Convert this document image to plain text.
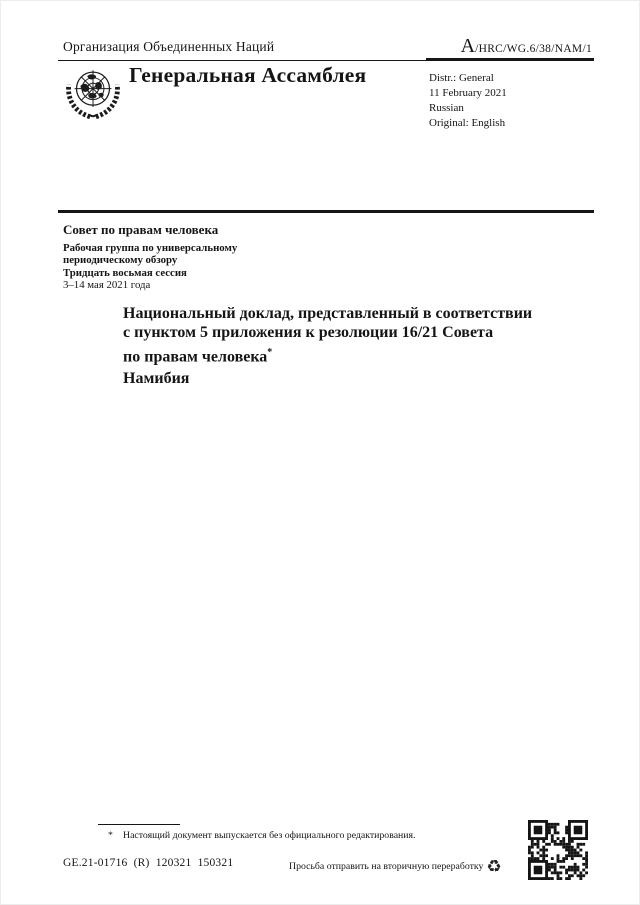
Организация Объединенных Наций	A /HRC/WG.6/38/NAM/1
Генеральная Ассамблея	Distr.: General
11 February 2021
Russian
Original: English
Совет по правам человека
Рабочая группа по универсальному
периодическому обзору
Тридцать восьмая сессия
3–14 мая 2021 года
Национальный доклад, представленный в соответствии
с пунктом 5 приложения к резолюции 16/21 Совета
по правам человека*
Намибия
*	Настоящий документ выпускается без официального редактирования.
GE.21-01716  (R)  120321  150321	Просьба отправить на вторичную переработку ♻
